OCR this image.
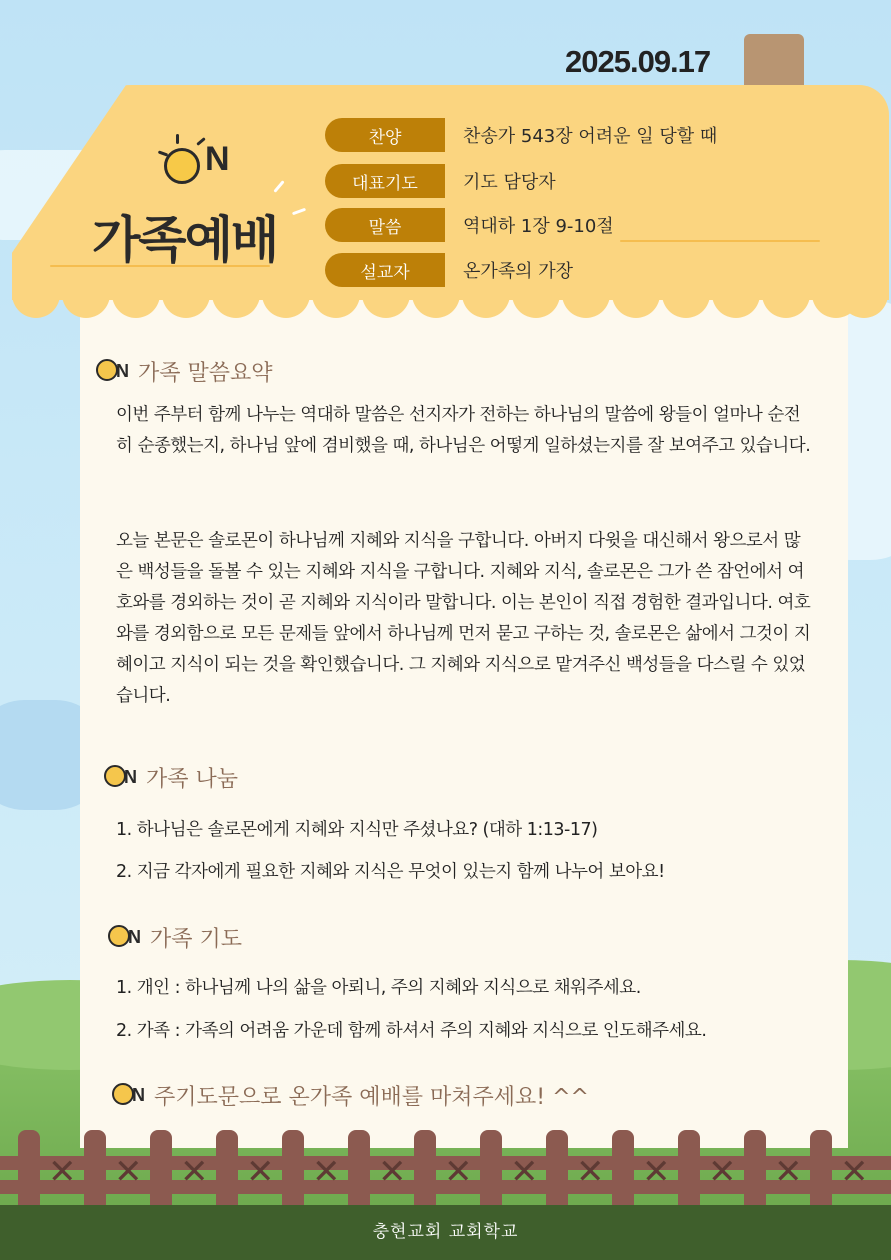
2025.09.17
N
가족예배
찬양	찬송가 543장 어려운 일 당할 때
대표기도	기도 담당자
말씀	역대하 1장 9-10절
설교자	온가족의 가장
N 가족 말씀요약

이번 주부터 함께 나누는 역대하 말씀은 선지자가 전하는 하나님의 말씀에 왕들이 얼마나 순전히 순종했는지, 하나님 앞에 겸비했을 때, 하나님은 어떻게 일하셨는지를 잘 보여주고 있습니다.

오늘 본문은 솔로몬이 하나님께 지혜와 지식을 구합니다. 아버지 다윗을 대신해서 왕으로서 많은 백성들을 돌볼 수 있는 지혜와 지식을 구합니다. 지혜와 지식, 솔로몬은 그가 쓴 잠언에서 여호와를 경외하는 것이 곧 지혜와 지식이라 말합니다. 이는 본인이 직접 경험한 결과입니다. 여호와를 경외함으로 모든 문제들 앞에서 하나님께 먼저 묻고 구하는 것, 솔로몬은 삶에서 그것이 지혜이고 지식이 되는 것을 확인했습니다. 그 지혜와 지식으로 맡겨주신 백성들을 다스릴 수 있었습니다.

N 가족 나눔
1. 하나님은 솔로몬에게 지혜와 지식만 주셨나요? (대하 1:13-17)
2. 지금 각자에게 필요한 지혜와 지식은 무엇이 있는지 함께 나누어 보아요!
N 가족 기도
1. 개인 : 하나님께 나의 삶을 아뢰니, 주의 지혜와 지식으로 채워주세요.
2. 가족 : 가족의 어려움 가운데 함께 하셔서 주의 지혜와 지식으로 인도해주세요.
N 주기도문으로 온가족 예배를 마쳐주세요! ^^
✕ ✕ ✕ ✕ ✕ ✕ ✕ ✕ ✕ ✕ ✕ ✕ ✕
충현교회 교회학교
